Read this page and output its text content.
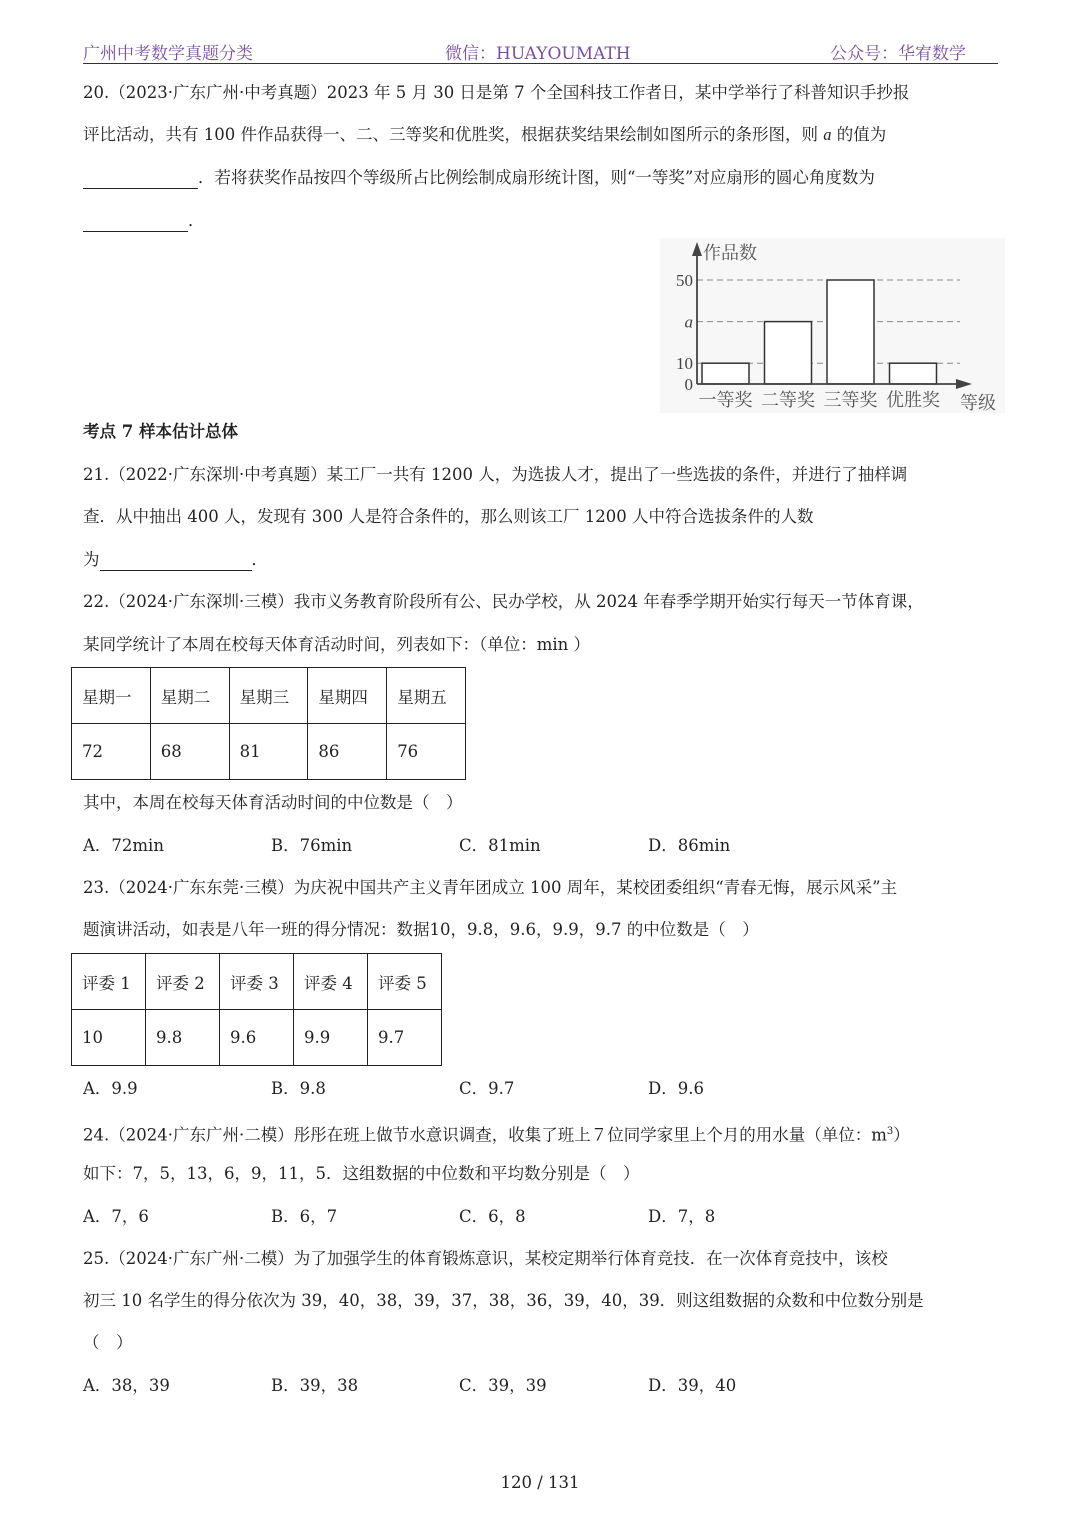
广州中考数学真题分类	微信：HUAYOUMATH	公众号：华宥数学
20.（2023·广东广州·中考真题）2023 年 5 月 30 日是第 7 个全国科技工作者日，某中学举行了科普知识手抄报
评比活动，共有 100 件作品获得一、二、三等奖和优胜奖，根据获奖结果绘制如图所示的条形图，则 a 的值为
．若将获奖作品按四个等级所占比例绘制成扇形统计图，则“一等奖”对应扇形的圆心角度数为
．
0
10
a
50
一等奖 二等奖 三等奖 优胜奖
作品数
等级
考点 7 样本估计总体
21.（2022·广东深圳·中考真题）某工厂一共有 1200 人，为选拔人才，提出了一些选拔的条件，并进行了抽样调
查．从中抽出 400 人，发现有 300 人是符合条件的，那么则该工厂 1200 人中符合选拔条件的人数
为	．
22.（2024·广东深圳·三模）我市义务教育阶段所有公、民办学校，从 2024 年春季学期开始实行每天一节体育课，
某同学统计了本周在校每天体育活动时间，列表如下：（单位：min ）
星期一	星期二	星期三	星期四	星期五
72	68	81	86	76
其中，本周在校每天体育活动时间的中位数是（　）
A．72min	B．76min	C．81min	D．86min
23.（2024·广东东莞·三模）为庆祝中国共产主义青年团成立 100 周年，某校团委组织“青春无悔，展示风采”主
题演讲活动，如表是八年一班的得分情况：数据10，9.8，9.6，9.9，9.7 的中位数是（　）
评委 1	评委 2	评委 3	评委 4	评委 5
10	9.8	9.6	9.9	9.7
A．9.9	B．9.8	C．9.7	D．9.6
24.（2024·广东广州·二模）彤彤在班上做节水意识调查，收集了班上７位同学家里上个月的用水量（单位：$m^3$）
如下：7，5，13，6，9，11，5．这组数据的中位数和平均数分别是（　）
A．7，6	B．6，7	C．6，8	D．7，8
25.（2024·广东广州·二模）为了加强学生的体育锻炼意识，某校定期举行体育竞技．在一次体育竞技中，该校
初三 10 名学生的得分依次为 39，40，38，39，37，38，36，39，40，39．则这组数据的众数和中位数分别是
（　）
A．38，39	B．39，38	C．39，39	D．39，40
120 / 131
